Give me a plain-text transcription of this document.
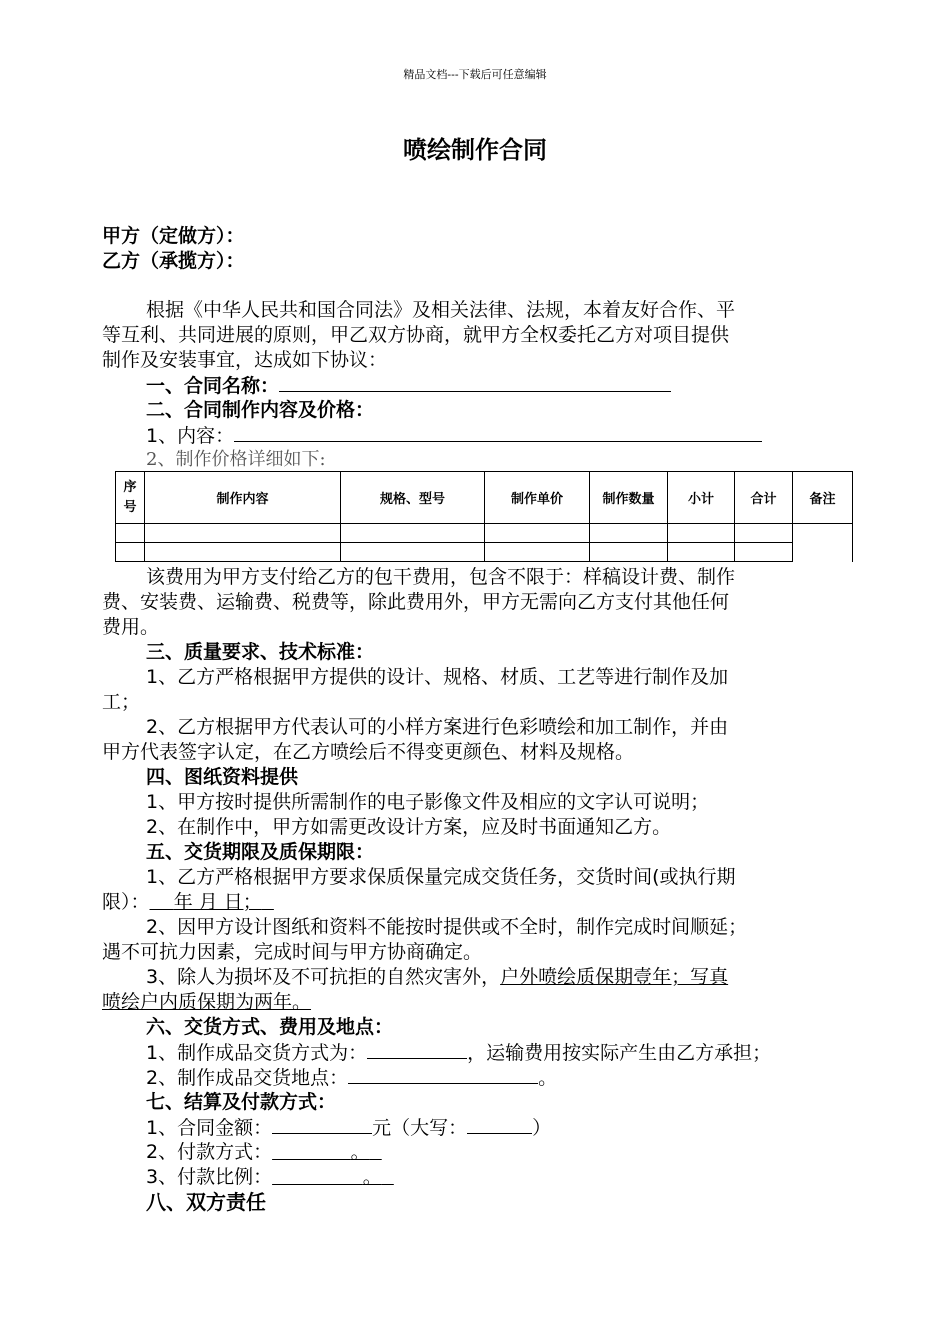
精品文档---下载后可任意编辑
喷绘制作合同
甲方（定做方）：
乙方（承揽方）：
根据《中华人民共和国合同法》及相关法律、法规，本着友好合作、平
等互利、共同进展的原则，甲乙双方协商，就甲方全权委托乙方对项目提供
制作及安装事宜，达成如下协议：
一、合同名称：
二、合同制作内容及价格：
1、内容：
2、制作价格详细如下:
序
号	制作内容	规格、型号	制作单价	制作数量	小计	合计	备注

该费用为甲方支付给乙方的包干费用，包含不限于：样稿设计费、制作
费、安装费、运输费、税费等，除此费用外，甲方无需向乙方支付其他任何
费用。
三、质量要求、技术标准：
1、乙方严格根据甲方提供的设计、规格、材质、工艺等进行制作及加
工；
2、乙方根据甲方代表认可的小样方案进行色彩喷绘和加工制作，并由
甲方代表签字认定，在乙方喷绘后不得变更颜色、材料及规格。
四、图纸资料提供
1、甲方按时提供所需制作的电子影像文件及相应的文字认可说明；
2、在制作中，甲方如需更改设计方案，应及时书面通知乙方。
五、交货期限及质保期限：
1、乙方严格根据甲方要求保质保量完成交货任务，交货时间(或执行期
限）： 年 月 日；
2、因甲方设计图纸和资料不能按时提供或不全时，制作完成时间顺延；
遇不可抗力因素，完成时间与甲方协商确定。
3、除人为损坏及不可抗拒的自然灾害外，户外喷绘质保期壹年；写真
喷绘户内质保期为两年。
六、交货方式、费用及地点：
1、制作成品交货方式为：	，运输费用按实际产生由乙方承担；
2、制作成品交货地点：	。
七、结算及付款方式：
1、合同金额：	元（大写：	）
2、付款方式：	。
3、付款比例：	。
八、双方责任
